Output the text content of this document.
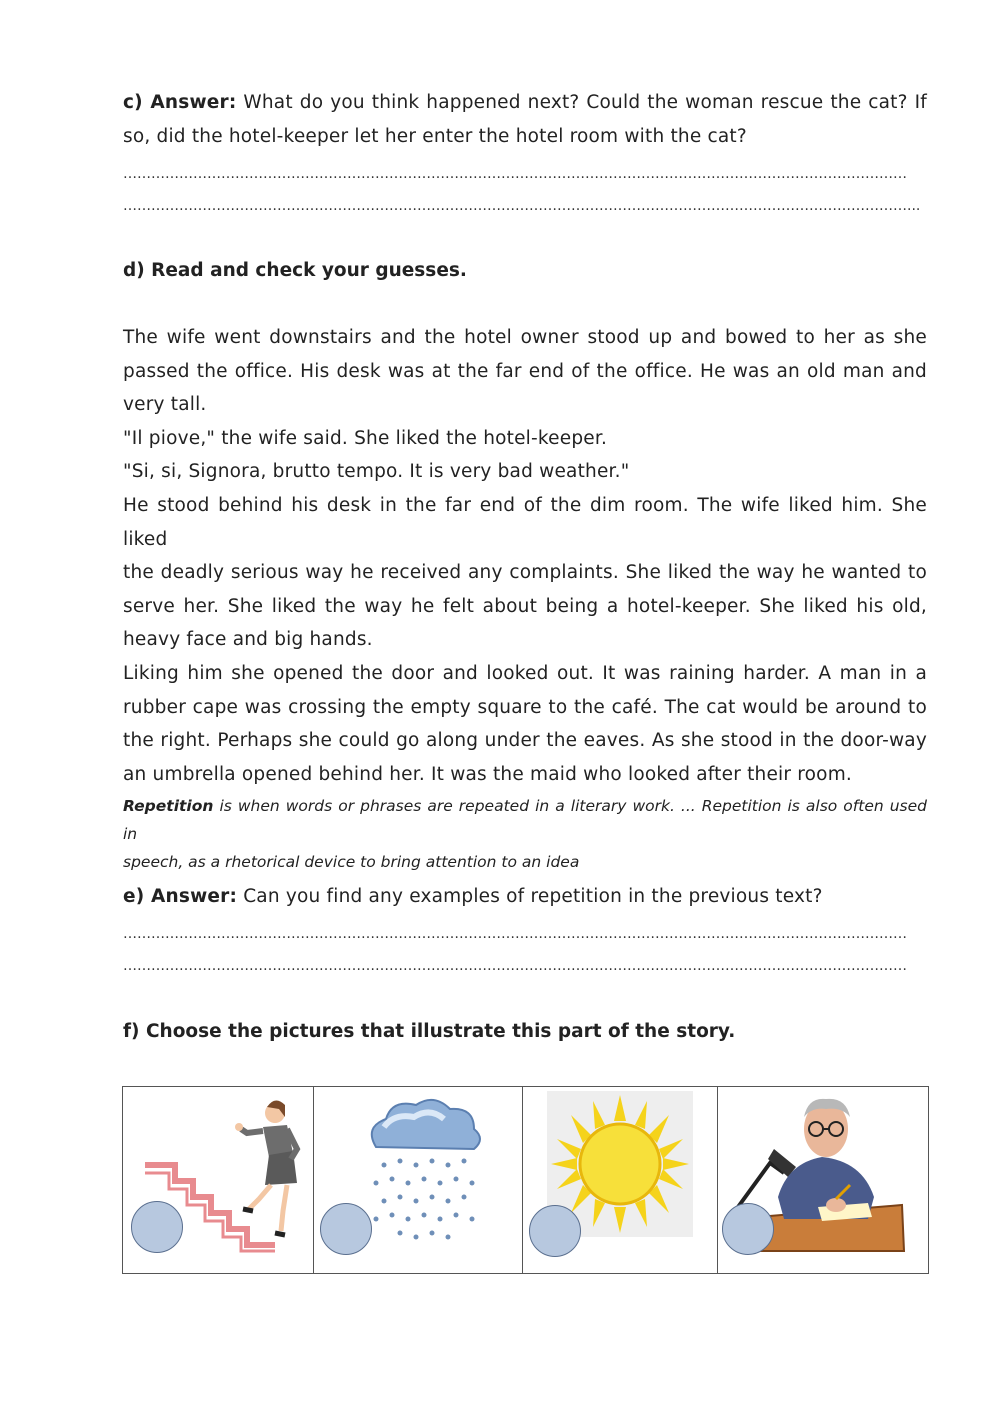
c) Answer: What do you think happened next? Could the woman rescue the cat? If
so, did the hotel-keeper let her enter the hotel room with the cat?
……………………………………………………………………………………………………………………………………………………
……………………………………………………………………………………………………………………………………………………...
d) Read and check your guesses.
The wife went downstairs and the hotel owner stood up and bowed to her as she
passed the office. His desk was at the far end of the office. He was an old man and
very tall.
"Il piove," the wife said. She liked the hotel-keeper.
"Si, si, Signora, brutto tempo. It is very bad weather."
He stood behind his desk in the far end of the dim room. The wife liked him. She liked
the deadly serious way he received any complaints. She liked the way he wanted to
serve her. She liked the way he felt about being a hotel-keeper. She liked his old,
heavy face and big hands.
Liking him she opened the door and looked out. It was raining harder. A man in a
rubber cape was crossing the empty square to the café. The cat would be around to
the right. Perhaps she could go along under the eaves. As she stood in the door-way
an umbrella opened behind her. It was the maid who looked after their room.
Repetition is when words or phrases are repeated in a literary work. ... Repetition is also often used in
speech, as a rhetorical device to bring attention to an idea
e) Answer: Can you find any examples of repetition in the previous text?
……………………………………………………………………………………………………………………………………………………
……………………………………………………………………………………………………………………………………………………
f) Choose the pictures that illustrate this part of the story.
